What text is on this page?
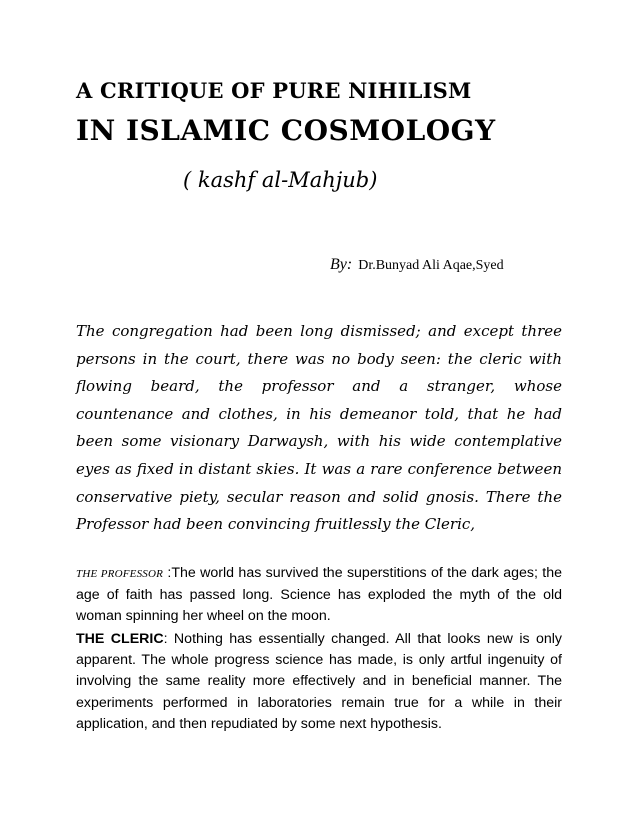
A CRITIQUE OF PURE NIHILISM
IN ISLAMIC COSMOLOGY
( kashf al-Mahjub)
By: Dr.Bunyad Ali Aqae,Syed

The congregation had been long dismissed; and except three persons in the court, there was no body seen: the cleric with flowing beard, the professor and a stranger, whose countenance and clothes, in his demeanor told, that he had been some visionary Darwaysh, with his wide contemplative eyes as fixed in distant skies. It was a rare conference between conservative piety, secular reason and solid gnosis. There the Professor had been convincing fruitlessly the Cleric,

THE PROFESSOR :The world has survived the superstitions of the dark ages; the age of faith has passed long. Science has exploded the myth of the old woman spinning her wheel on the moon.

THE CLERIC: Nothing has essentially changed. All that looks new is only apparent. The whole progress science has made, is only artful ingenuity of involving the same reality more effectively and in beneficial manner. The experiments performed in laboratories remain true for a while in their application, and then repudiated by some next hypothesis.
